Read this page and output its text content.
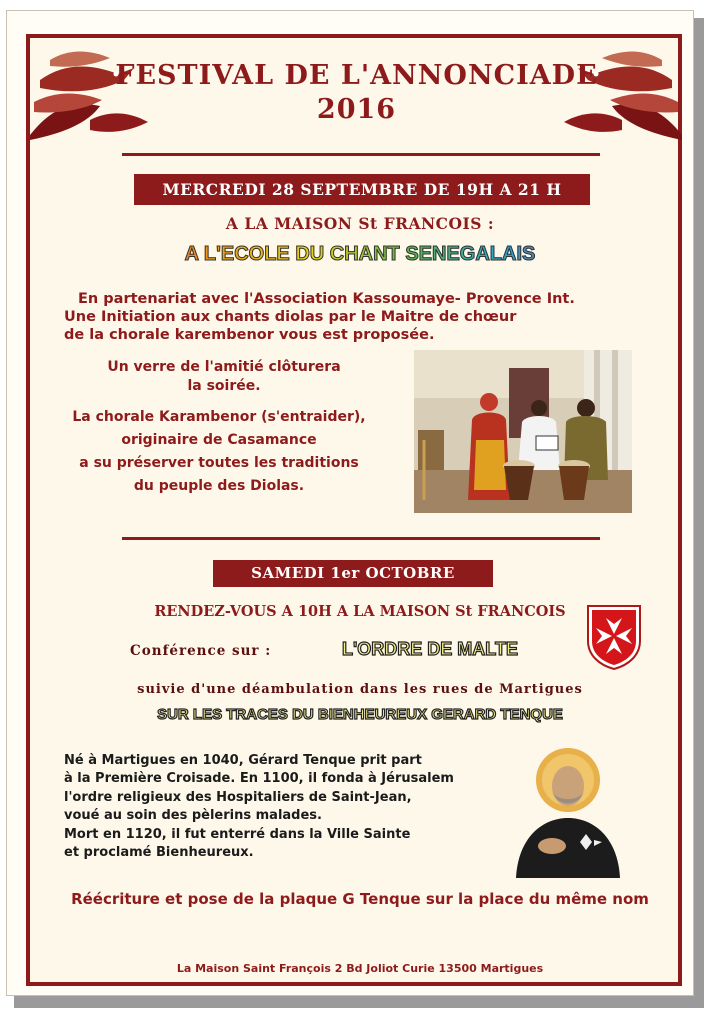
FESTIVAL DE L'ANNONCIADE
2016
MERCREDI 28 SEPTEMBRE DE 19H A 21 H
A LA MAISON St FRANCOIS :
A L'ECOLE DU CHANT SENEGALAIS
En partenariat avec l'Association Kassoumaye- Provence Int.
Une Initiation aux chants diolas par le Maitre de chœur
de la chorale karembenor vous est proposée.
Un verre de l'amitié clôturera
la soirée.
La chorale Karambenor (s'entraider),
originaire de Casamance
a su préserver toutes les traditions
du peuple des Diolas.
SAMEDI 1er OCTOBRE
RENDEZ-VOUS A 10H A LA MAISON St FRANCOIS
Conférence sur :	L'ORDRE DE MALTE
suivie d'une déambulation dans les rues de Martigues
SUR LES TRACES DU BIENHEUREUX GERARD TENQUE
Né à Martigues en 1040, Gérard Tenque prit part
à la Première Croisade. En 1100, il fonda à Jérusalem
l'ordre religieux des Hospitaliers de Saint-Jean,
voué au soin des pèlerins malades.
Mort en 1120, il fut enterré dans la Ville Sainte
et proclamé Bienheureux.
Réécriture et pose de la plaque G Tenque sur la place du même nom
La Maison Saint François 2 Bd Joliot Curie 13500 Martigues
